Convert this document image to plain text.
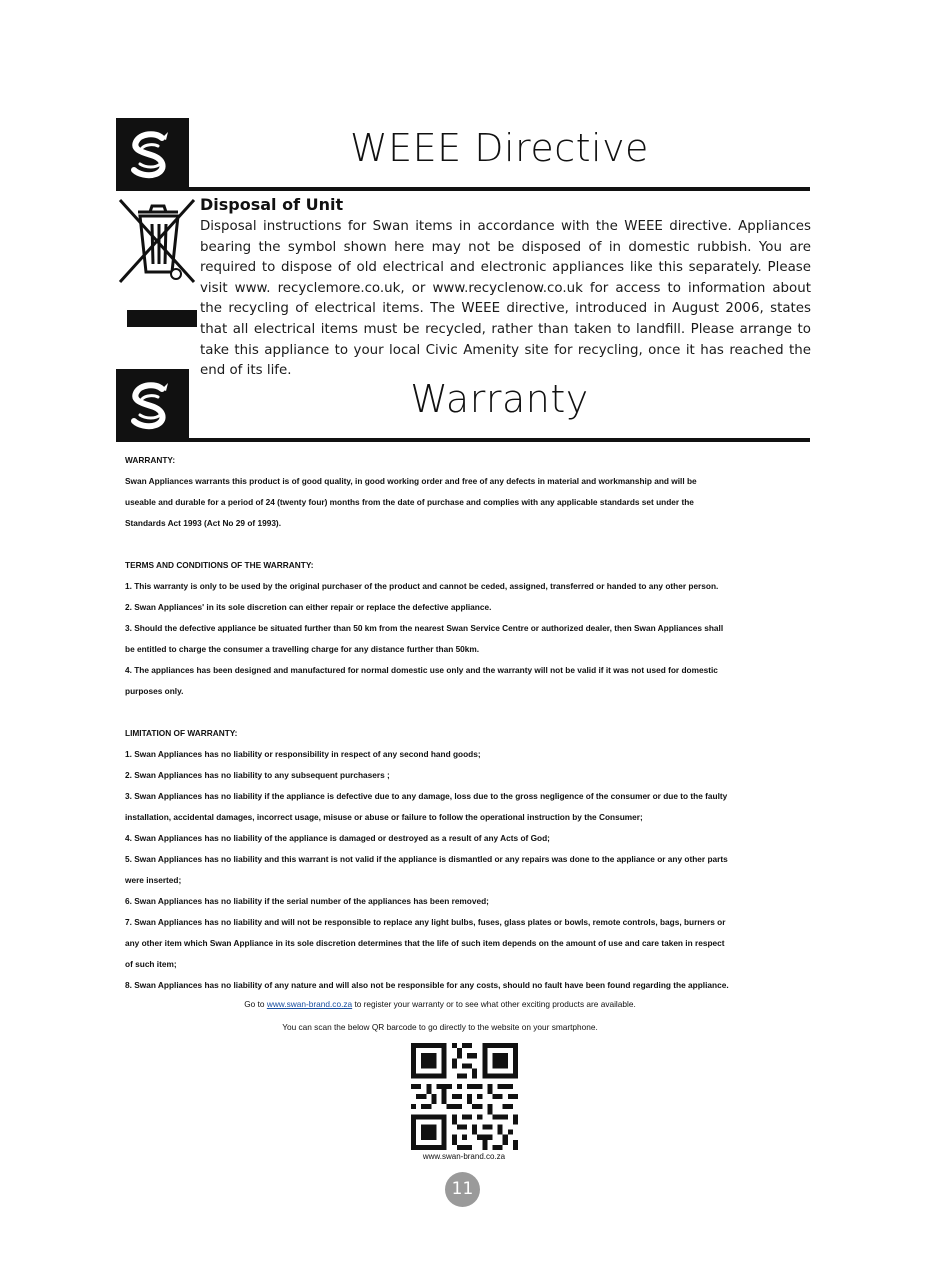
WEEE Directive
Disposal of Unit
Disposal instructions for Swan items in accordance with the WEEE directive. Appliances bearing the symbol shown here may not be disposed of in domestic rubbish. You are required to dispose of old electrical and electronic appliances like this separately. Please visit www. recyclemore.co.uk, or www.recyclenow.co.uk for access to information about the recycling of electrical items. The WEEE directive, introduced in August 2006, states that all electrical items must be recycled, rather than taken to landfill. Please arrange to take this appliance to your local Civic Amenity site for recycling, once it has reached the end of its life.
Warranty

WARRANTY:

Swan Appliances warrants this product is of good quality, in good working order and free of any defects in material and workmanship and will be

useable and durable for a period of 24 (twenty four) months from the date of purchase and complies with any applicable standards set under the

Standards Act 1993 (Act No 29 of 1993).

TERMS AND CONDITIONS OF THE WARRANTY:

1. This warranty is only to be used by the original purchaser of the product and cannot be ceded, assigned, transferred or handed to any other person.

2. Swan Appliances' in its sole discretion can either repair or replace the defective appliance.

3. Should the defective appliance be situated further than 50 km from the nearest Swan Service Centre or authorized dealer, then Swan Appliances shall

be entitled to charge the consumer a travelling charge for any distance further than 50km.

4. The appliances has been designed and manufactured for normal domestic use only and the warranty will not be valid if it was not used for domestic

purposes only.

LIMITATION OF WARRANTY:

1. Swan Appliances has no liability or responsibility in respect of any second hand goods;

2. Swan Appliances has no liability to any subsequent purchasers ;

3. Swan Appliances has no liability if the appliance is defective due to any damage, loss due to the gross negligence of the consumer or due to the faulty

installation, accidental damages, incorrect usage, misuse or abuse or failure to follow the operational instruction by the Consumer;

4. Swan Appliances has no liability of the appliance is damaged or destroyed as a result of any Acts of God;

5. Swan Appliances has no liability and this warrant is not valid if the appliance is dismantled or any repairs was done to the appliance or any other parts

were inserted;

6. Swan Appliances has no liability if the serial number of the appliances has been removed;

7. Swan Appliances has no liability and will not be responsible to replace any light bulbs, fuses, glass plates or bowls, remote controls, bags, burners or

any other item which Swan Appliance in its sole discretion determines that the life of such item depends on the amount of use and care taken in respect

of such item;

8. Swan Appliances has no liability of any nature and will also not be responsible for any costs, should no fault have been found regarding the appliance.

Go to www.swan-brand.co.za to register your warranty or to see what other exciting products are available.
You can scan the below QR barcode to go directly to the website on your smartphone.
www.swan-brand.co.za
11
